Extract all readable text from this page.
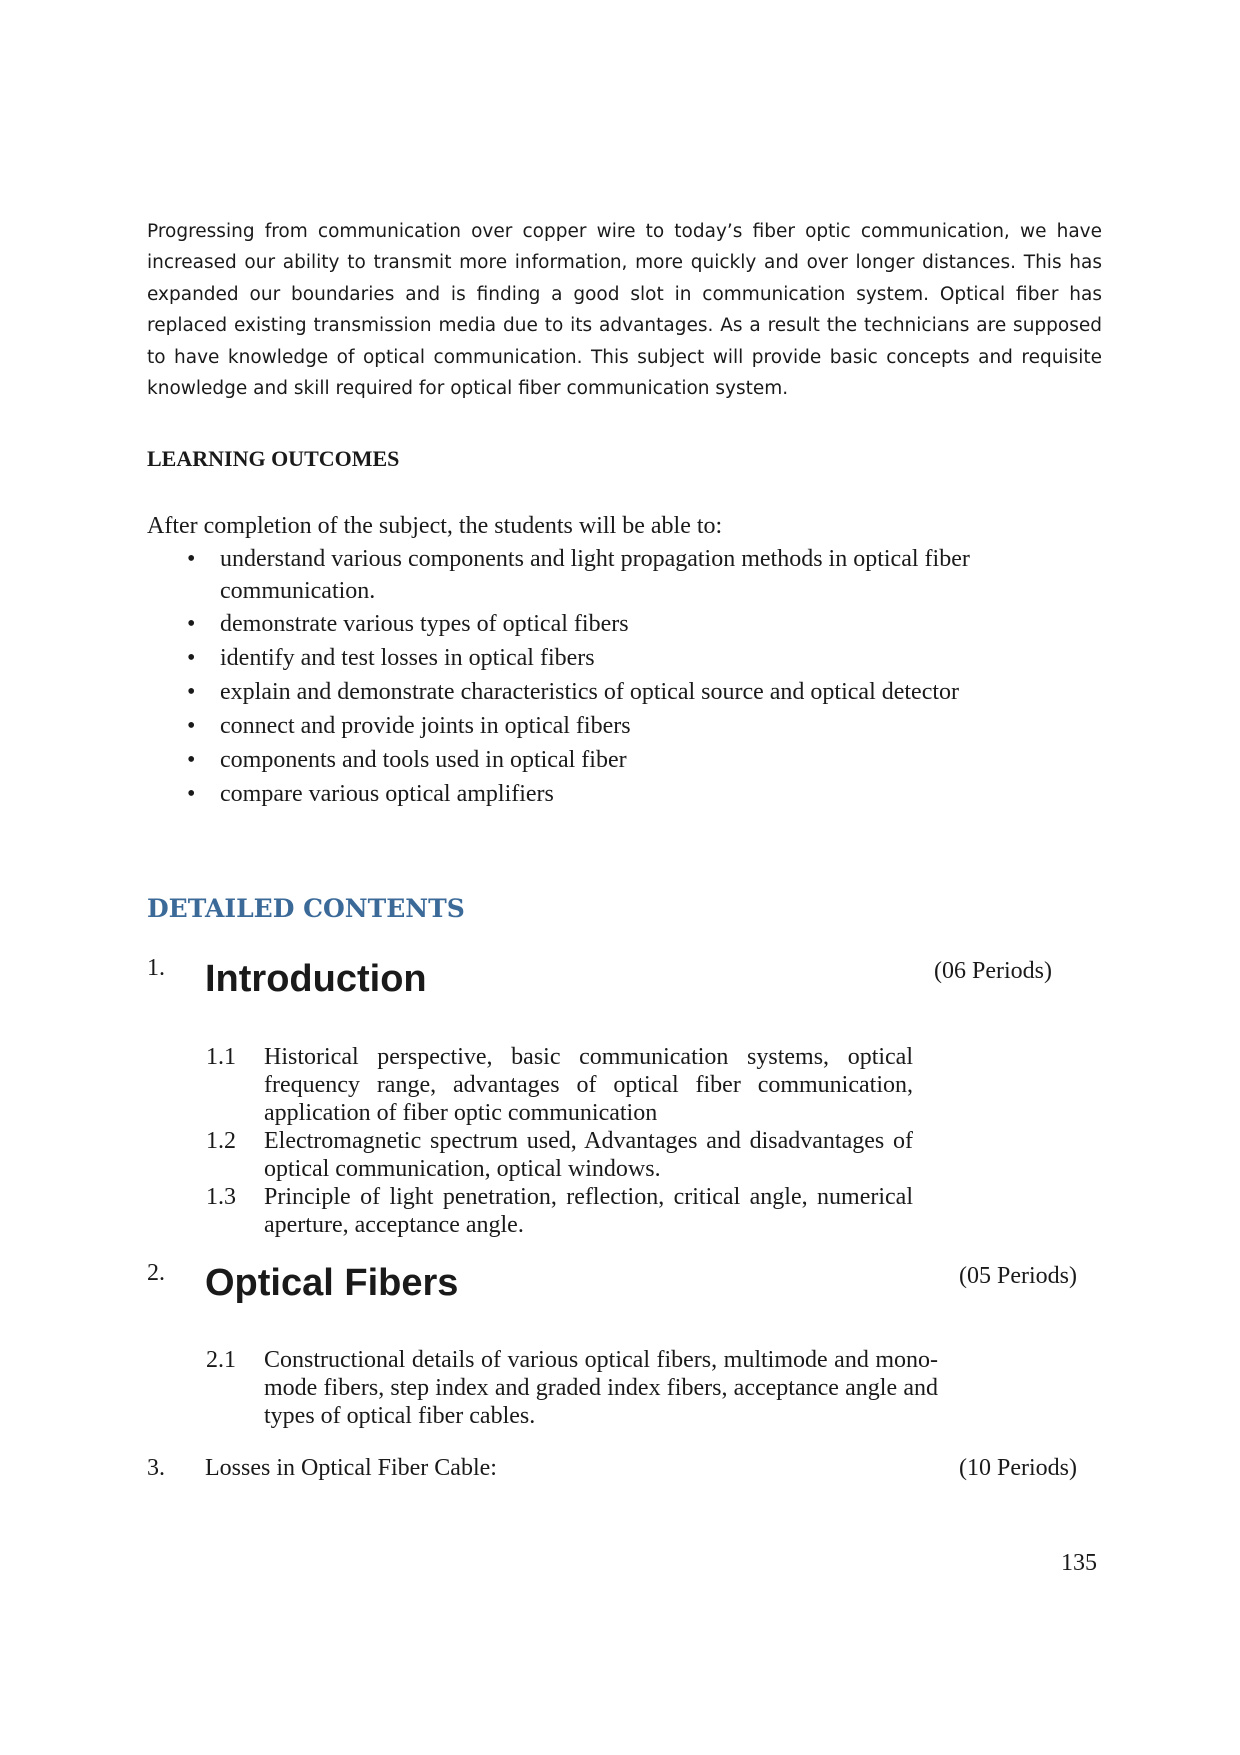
Progressing from communication over copper wire to today’s fiber optic communication, we have increased our ability to transmit more information, more quickly and over longer distances. This has expanded our boundaries and is finding a good slot in communication system. Optical fiber has replaced existing transmission media due to its advantages. As a result the technicians are supposed to have knowledge of optical communication. This subject will provide basic concepts and requisite knowledge and skill required for optical fiber communication system.

LEARNING OUTCOMES

After completion of the subject, the students will be able to:

• understand various components and light propagation methods in optical fiber communication.
• demonstrate various types of optical fibers
• identify and test losses in optical fibers
• explain and demonstrate characteristics of optical source and optical detector
• connect and provide joints in optical fibers
• components and tools used in optical fiber
• compare various optical amplifiers
DETAILED CONTENTS
1. Introduction	(06 Periods)
1.1 Historical perspective, basic communication systems, optical frequency range, advantages of optical fiber communication, application of fiber optic communication
1.2 Electromagnetic spectrum used, Advantages and disadvantages of optical communication, optical windows.
1.3 Principle of light penetration, reflection, critical angle, numerical aperture, acceptance angle.
2. Optical Fibers	(05 Periods)
2.1 Constructional details of various optical fibers, multimode and mono-mode fibers, step index and graded index fibers, acceptance angle and types of optical fiber cables.
3. Losses in Optical Fiber Cable:	(10 Periods)
135
